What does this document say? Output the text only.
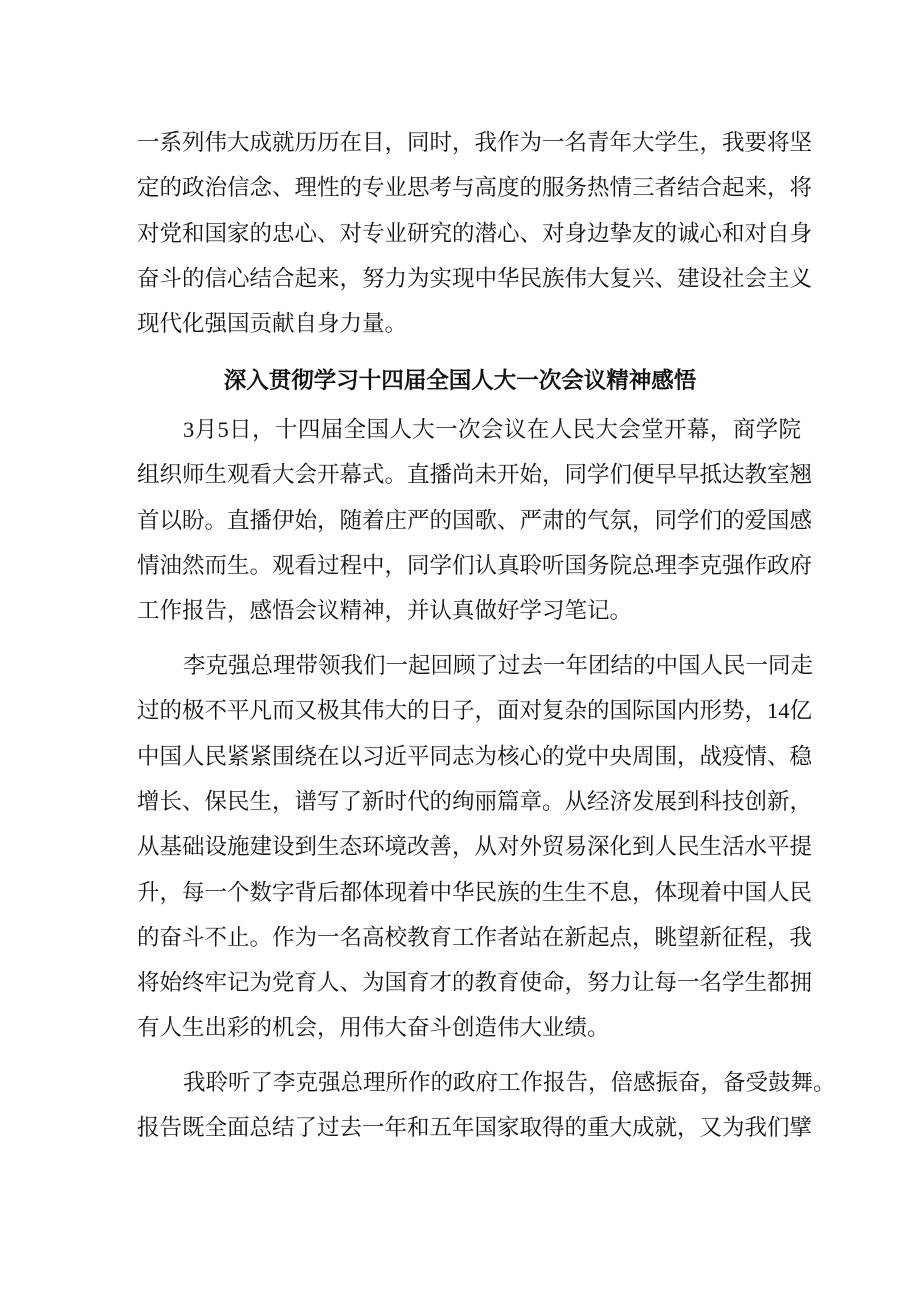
一系列伟大成就历历在目，同时，我作为一名青年大学生，我要将坚
定的政治信念、理性的专业思考与高度的服务热情三者结合起来，将
对党和国家的忠心、对专业研究的潜心、对身边挚友的诚心和对自身
奋斗的信心结合起来，努力为实现中华民族伟大复兴、建设社会主义
现代化强国贡献自身力量。
3月5日，十四届全国人大一次会议在人民大会堂开幕，商学院
组织师生观看大会开幕式。直播尚未开始，同学们便早早抵达教室翘
首以盼。直播伊始，随着庄严的国歌、严肃的气氛，同学们的爱国感
情油然而生。观看过程中，同学们认真聆听国务院总理李克强作政府
工作报告，感悟会议精神，并认真做好学习笔记。
李克强总理带领我们一起回顾了过去一年团结的中国人民一同走
过的极不平凡而又极其伟大的日子，面对复杂的国际国内形势，14亿
中国人民紧紧围绕在以习近平同志为核心的党中央周围，战疫情、稳
增长、保民生，谱写了新时代的绚丽篇章。从经济发展到科技创新，
从基础设施建设到生态环境改善，从对外贸易深化到人民生活水平提
升，每一个数字背后都体现着中华民族的生生不息，体现着中国人民
的奋斗不止。作为一名高校教育工作者站在新起点，眺望新征程，我
将始终牢记为党育人、为国育才的教育使命，努力让每一名学生都拥
有人生出彩的机会，用伟大奋斗创造伟大业绩。
我聆听了李克强总理所作的政府工作报告，倍感振奋，备受鼓舞。
报告既全面总结了过去一年和五年国家取得的重大成就，又为我们擘
深入贯彻学习十四届全国人大一次会议精神感悟
